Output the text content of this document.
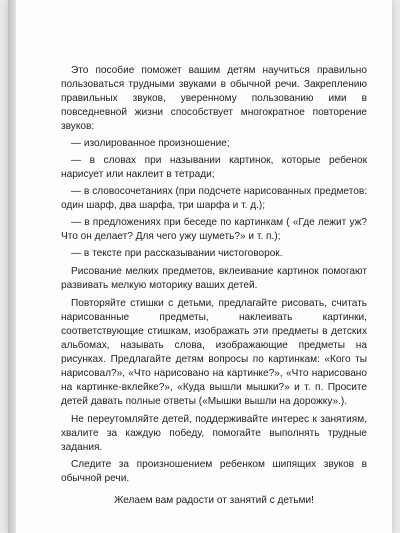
Это пособие поможет вашим детям научиться правильно пользоваться трудными звуками в обычной речи. Закреплению правильных звуков, уверенному пользованию ими в повседневной жизни способствует многократное повторение звуков:

— изолированное произношение;

— в словах при назывании картинок, которые ребенок нарисует или наклеит в тетради;

— в словосочетаниях (при подсчете нарисованных предметов: один шарф, два шарфа, три шарфа и т. д.);

— в предложениях при беседе по картинкам ( «Где лежит уж? Что он делает? Для чего ужу шуметь?» и т. п.);

— в тексте при рассказывании чистоговорок.

Рисование мелких предметов, вклеивание картинок помогают развивать мелкую моторику ваших детей.

Повторяйте стишки с детьми, предлагайте рисовать, считать нарисованные предметы, наклеивать картинки, соответствующие стишкам, изображать эти предметы в детских альбомах, называть слова, изображающие предметы на рисунках. Предлагайте детям вопросы по картинкам: «Кого ты нарисовал?», «Что нарисовано на картинке?», «Что нарисовано на картинке-вклейке?», «Куда вышли мышки?» и т. п. Просите детей давать полные ответы («Мышки вышли на дорожку».).

Не переутомляйте детей, поддерживайте интерес к занятиям, хвалите за каждую победу, помогайте выполнять трудные задания.

Следите за произношением ребенком шипящих звуков в обычной речи.

Желаем вам радости от занятий с детьми!
